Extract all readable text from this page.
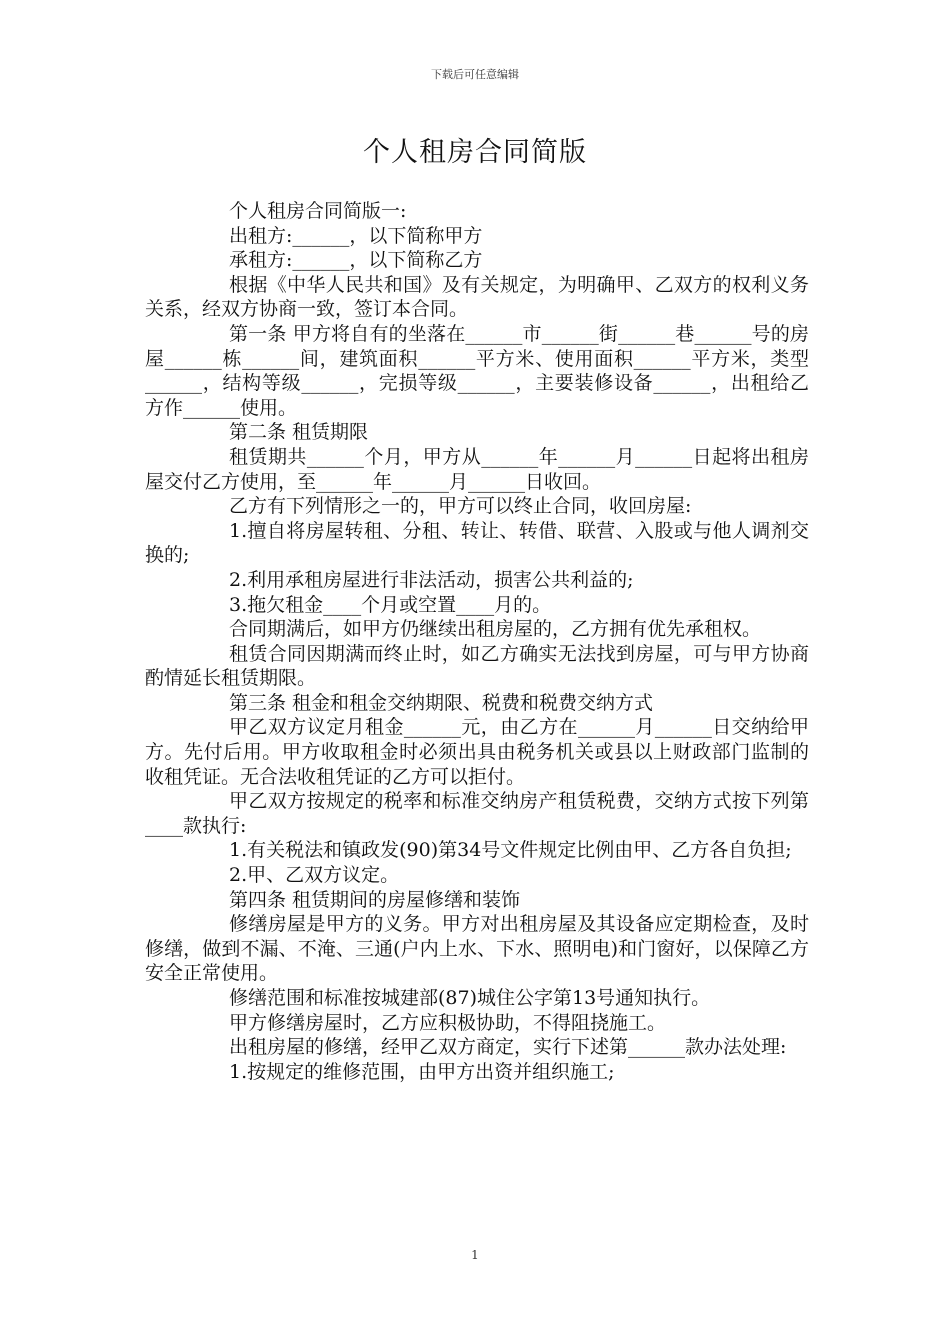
下载后可任意编辑
个人租房合同简版

个人租房合同简版一:

出租方:______，以下简称甲方

承租方:______，以下简称乙方

根据《中华人民共和国》及有关规定，为明确甲、乙双方的权利义务关系，经双方协商一致，签订本合同。

第一条 甲方将自有的坐落在______市______街______巷______号的房屋______栋______间，建筑面积______平方米、使用面积______平方米，类型______，结构等级______，完损等级______，主要装修设备______，出租给乙方作______使用。

第二条 租赁期限

租赁期共______个月，甲方从______年______月______日起将出租房屋交付乙方使用，至______年______月______日收回。

乙方有下列情形之一的，甲方可以终止合同，收回房屋:

1.擅自将房屋转租、分租、转让、转借、联营、入股或与他人调剂交换的;

2.利用承租房屋进行非法活动，损害公共利益的;

3.拖欠租金____个月或空置____月的。

合同期满后，如甲方仍继续出租房屋的，乙方拥有优先承租权。

租赁合同因期满而终止时，如乙方确实无法找到房屋，可与甲方协商酌情延长租赁期限。

第三条 租金和租金交纳期限、税费和税费交纳方式

甲乙双方议定月租金______元，由乙方在______月______日交纳给甲方。先付后用。甲方收取租金时必须出具由税务机关或县以上财政部门监制的收租凭证。无合法收租凭证的乙方可以拒付。

甲乙双方按规定的税率和标准交纳房产租赁税费，交纳方式按下列第____款执行:

1.有关税法和镇政发(90)第34号文件规定比例由甲、乙方各自负担;

2.甲、乙双方议定。

第四条 租赁期间的房屋修缮和装饰

修缮房屋是甲方的义务。甲方对出租房屋及其设备应定期检查，及时修缮，做到不漏、不淹、三通(户内上水、下水、照明电)和门窗好，以保障乙方安全正常使用。

修缮范围和标准按城建部(87)城住公字第13号通知执行。

甲方修缮房屋时，乙方应积极协助，不得阻挠施工。

出租房屋的修缮，经甲乙双方商定，实行下述第______款办法处理:

1.按规定的维修范围，由甲方出资并组织施工;

1
